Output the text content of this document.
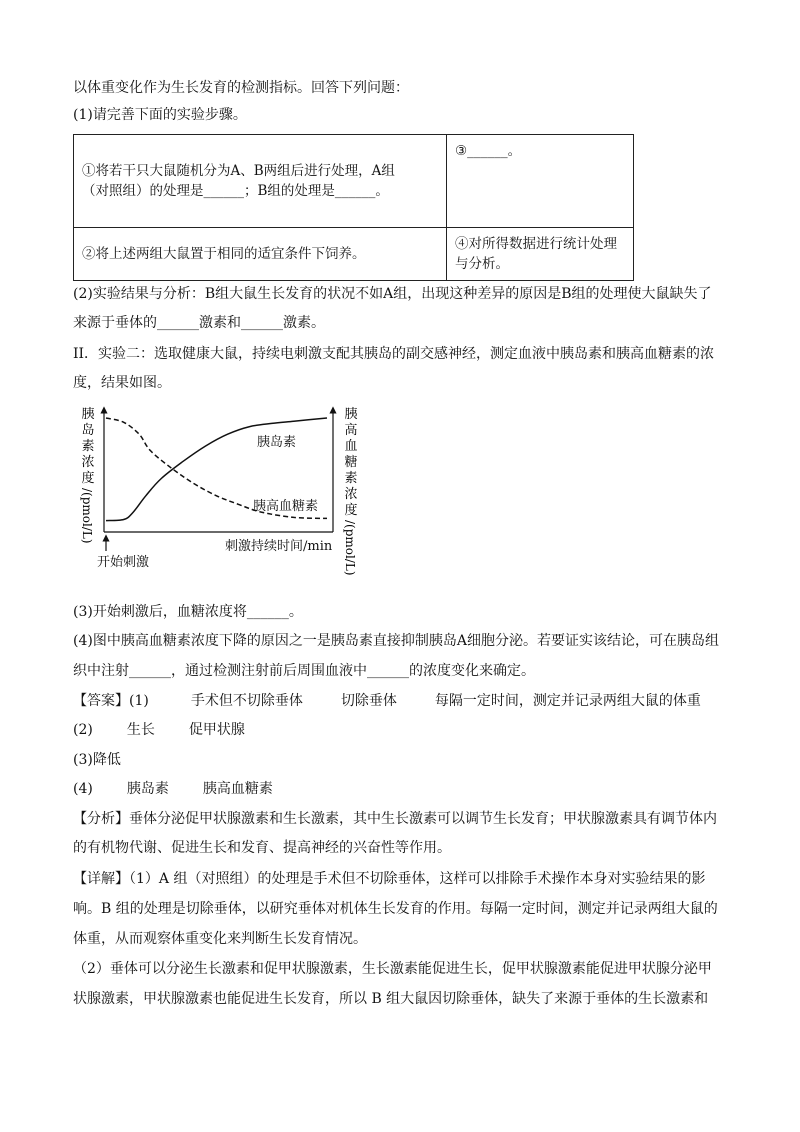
以体重变化作为生长发育的检测指标。回答下列问题：
(1)请完善下面的实验步骤。
①将若干只大鼠随机分为A、B两组后进行处理，A组
（对照组）的处理是______；B组的处理是______。	③______。

②将上述两组大鼠置于相同的适宜条件下饲养。	④对所得数据进行统计处理
与分析。
(2)实验结果与分析：B组大鼠生长发育的状况不如A组，出现这种差异的原因是B组的处理使大鼠缺失了
来源于垂体的______激素和______激素。
II．实验二：选取健康大鼠，持续电刺激支配其胰岛的副交感神经，测定血液中胰岛素和胰高血糖素的浓
度，结果如图。
胰
岛
素
浓
度
/(pmol/L)
胰
高
血
糖
素
浓
度
/(pmol/L)
胰岛素
胰高血糖素
开始刺激
刺激持续时间/min
(3)开始刺激后，血糖浓度将______。
(4)图中胰高血糖素浓度下降的原因之一是胰岛素直接抑制胰岛A细胞分泌。若要证实该结论，可在胰岛组
织中注射______，通过检测注射前后周围血液中______的浓度变化来确定。
【答案】(1)	手术但不切除垂体	切除垂体	每隔一定时间，测定并记录两组大鼠的体重
(2) 生长 促甲状腺
(3)降低
(4) 胰岛素 胰高血糖素
【分析】垂体分泌促甲状腺激素和生长激素，其中生长激素可以调节生长发育；甲状腺激素具有调节体内
的有机物代谢、促进生长和发育、提高神经的兴奋性等作用。
【详解】（1）A 组（对照组）的处理是手术但不切除垂体，这样可以排除手术操作本身对实验结果的影
响。B 组的处理是切除垂体，以研究垂体对机体生长发育的作用。每隔一定时间，测定并记录两组大鼠的
体重，从而观察体重变化来判断生长发育情况。
（2）垂体可以分泌生长激素和促甲状腺激素，生长激素能促进生长，促甲状腺激素能促进甲状腺分泌甲
状腺激素，甲状腺激素也能促进生长发育，所以 B 组大鼠因切除垂体，缺失了来源于垂体的生长激素和
